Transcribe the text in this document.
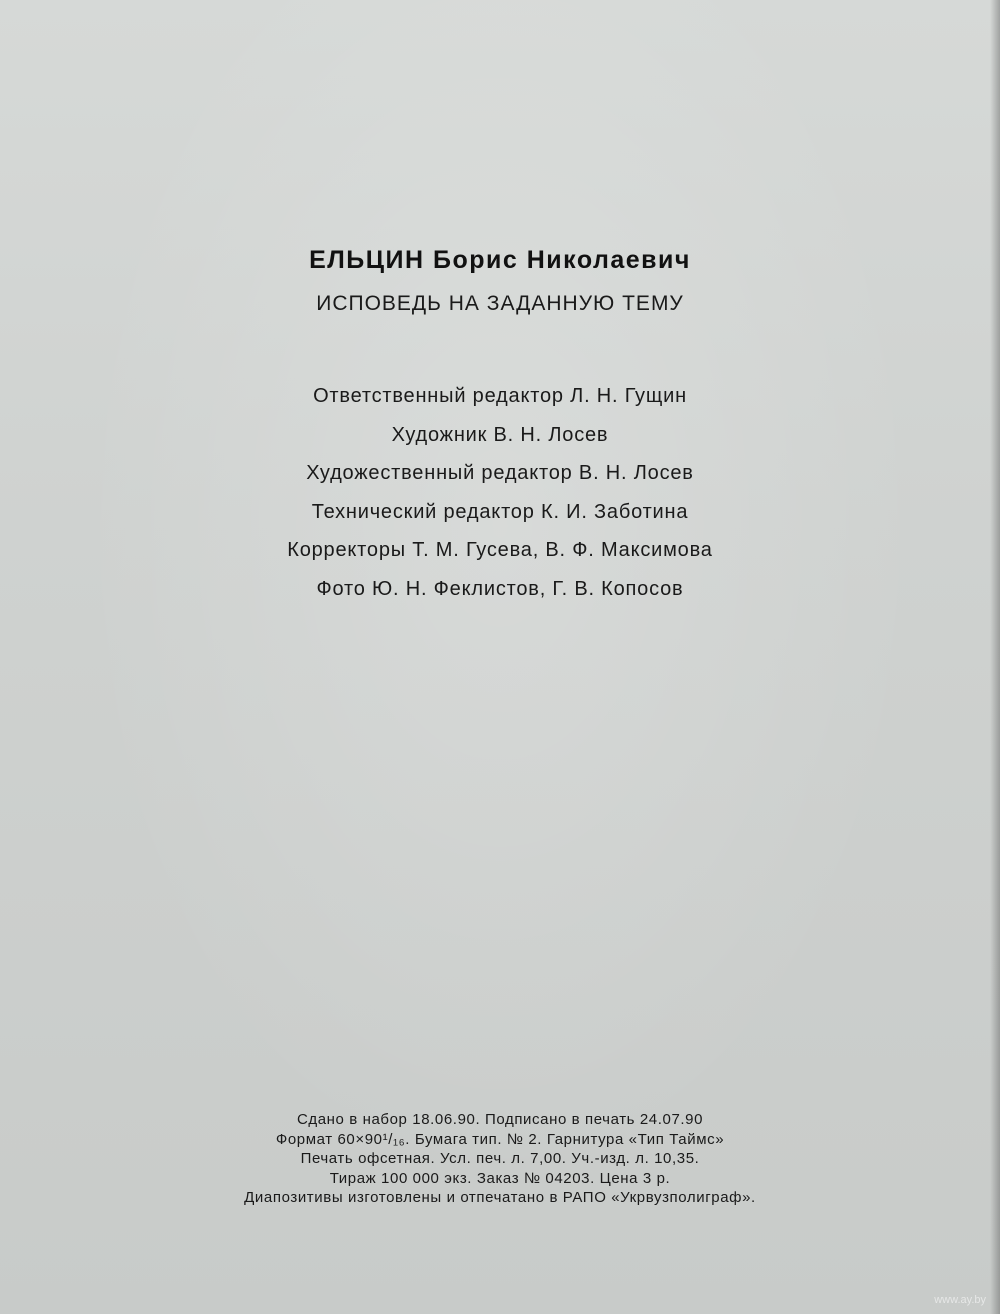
ЕЛЬЦИН Борис Николаевич
ИСПОВЕДЬ НА ЗАДАННУЮ ТЕМУ
Ответственный редактор Л. Н. Гущин
Художник В. Н. Лосев
Художественный редактор В. Н. Лосев
Технический редактор К. И. Заботина
Корректоры Т. М. Гусева, В. Ф. Максимова
Фото Ю. Н. Феклистов, Г. В. Копосов
Сдано в набор 18.06.90. Подписано в печать 24.07.90
Формат 60×90¹/₁₆. Бумага тип. № 2. Гарнитура «Тип Таймс»
Печать офсетная. Усл. печ. л. 7,00. Уч.-изд. л. 10,35.
Тираж 100 000 экз. Заказ № 04203. Цена 3 р.
Диапозитивы изготовлены и отпечатано в РАПО «Укрвузполиграф».
www.ay.by
